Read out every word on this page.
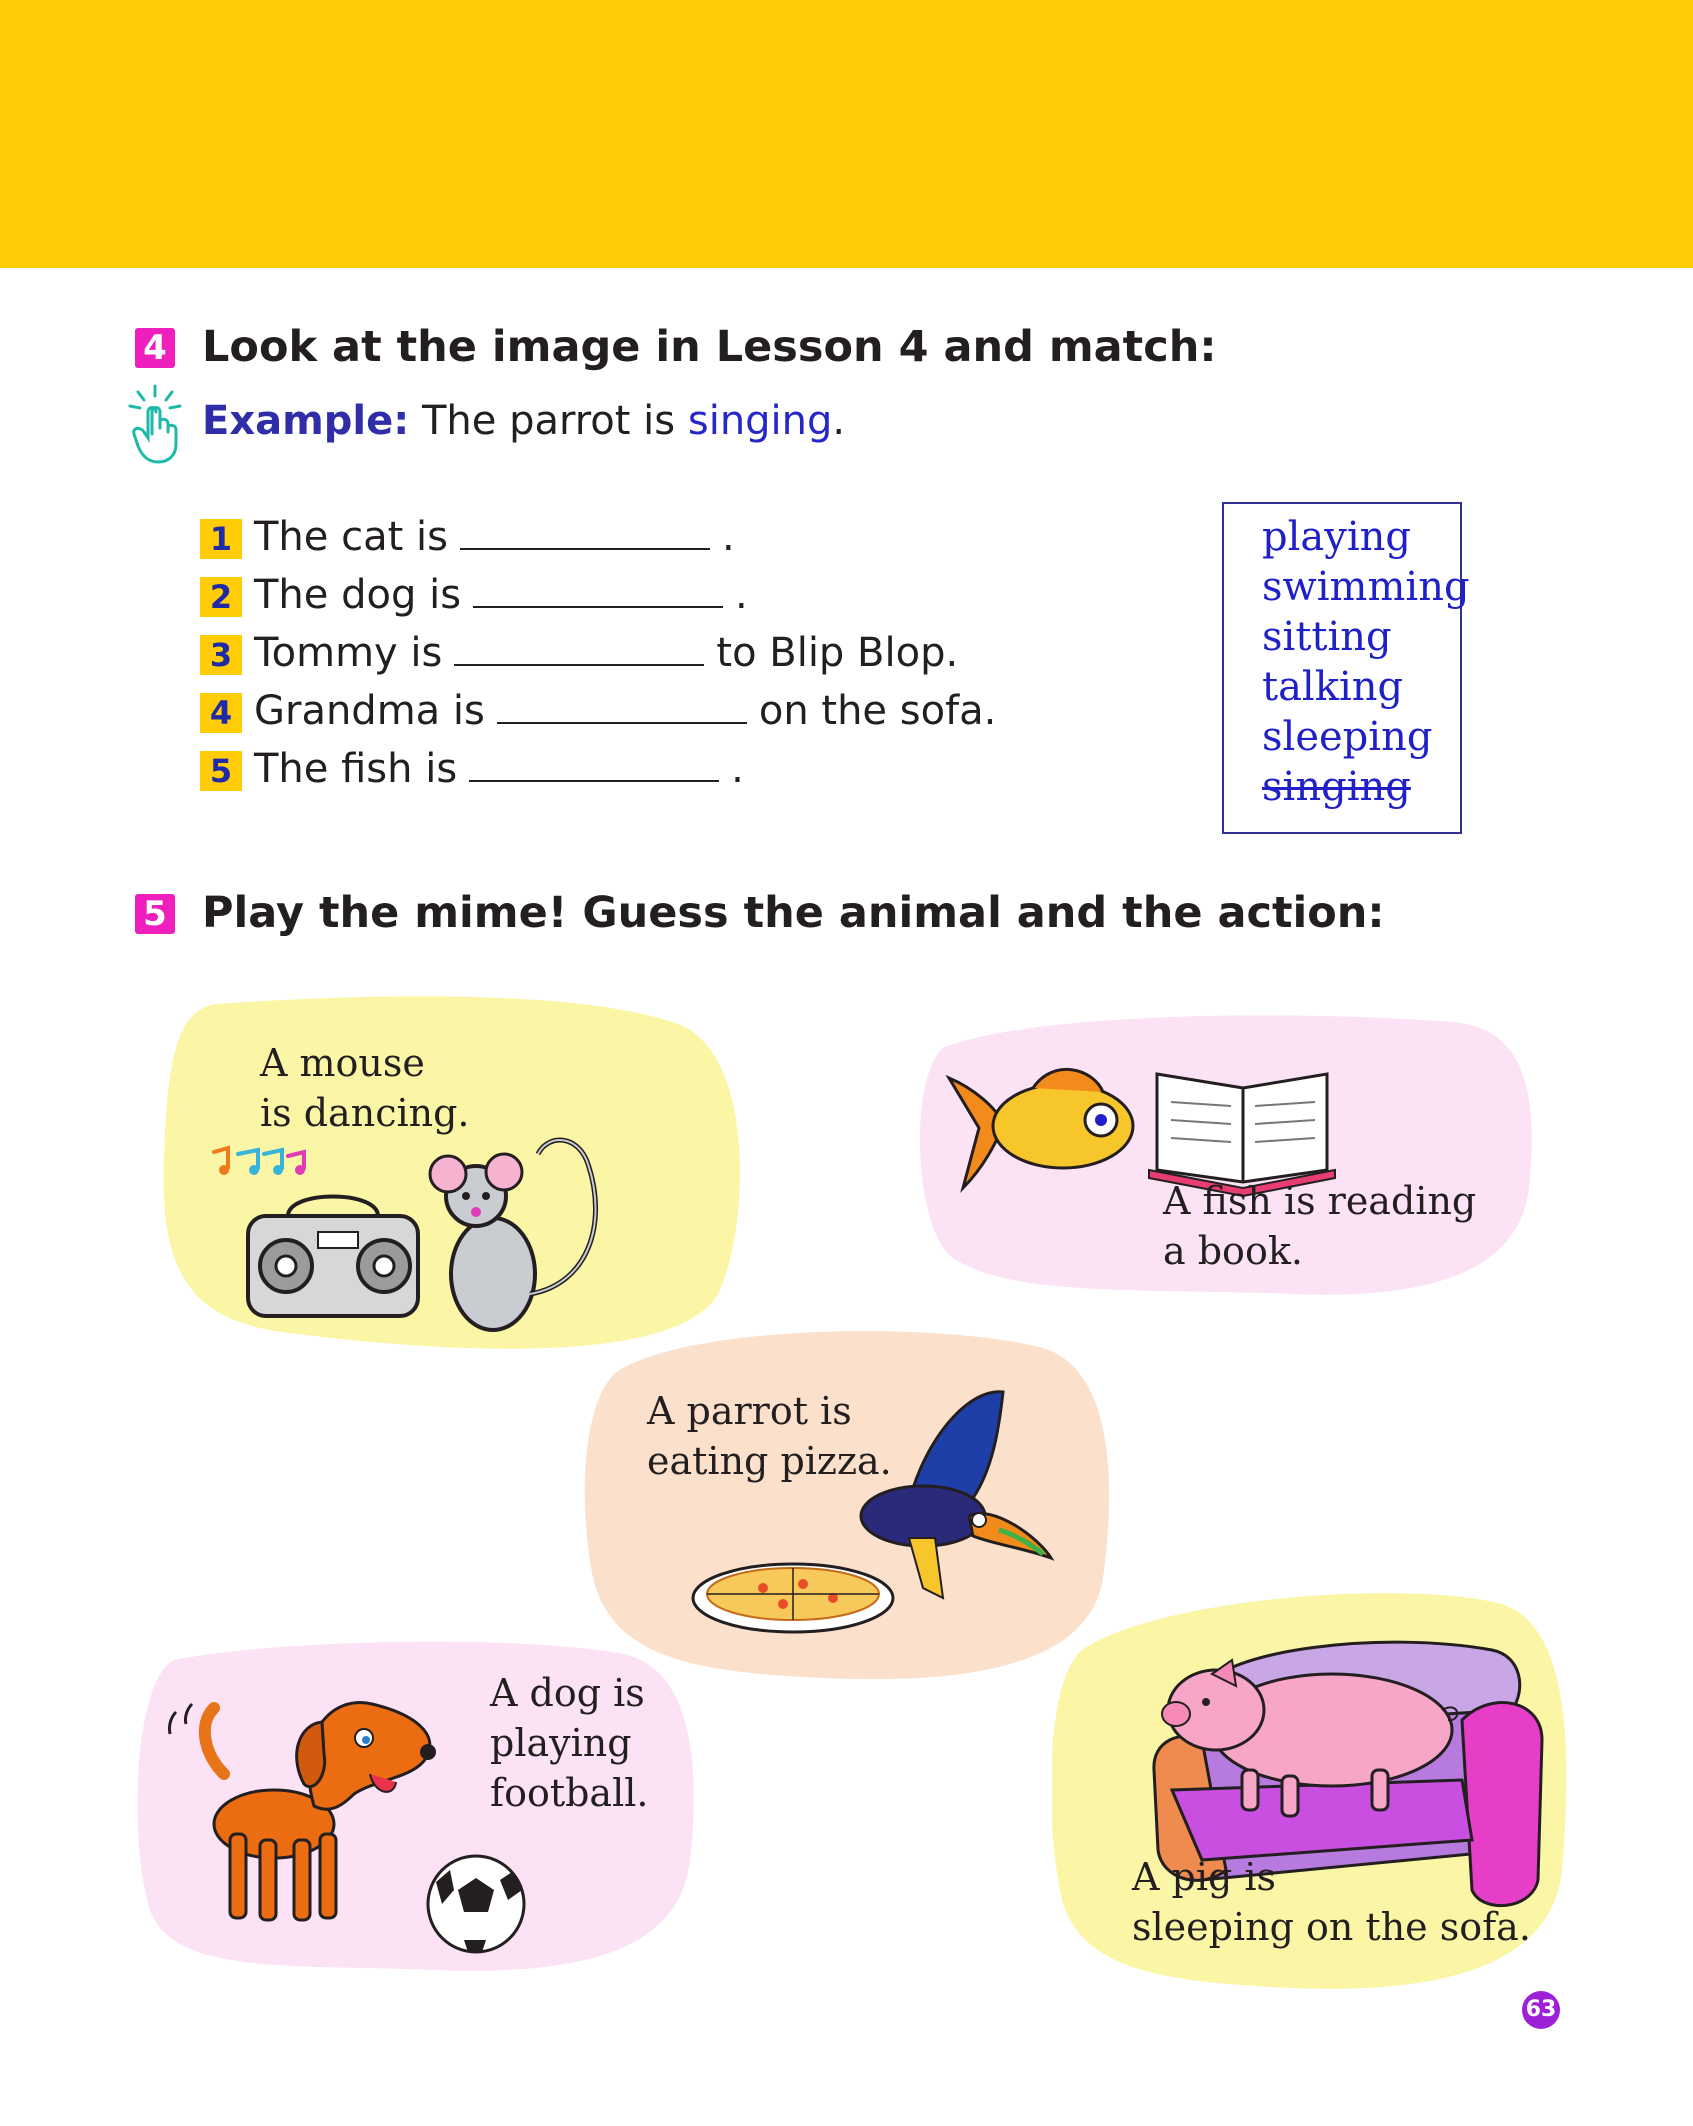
4 Look at the image in Lesson 4 and match:
Example: The parrot is singing.
1 The cat is	.
2 The dog is	.
3 Tommy is	to Blip Blop.
4 Grandma is	on the sofa.
5 The fish is	.
playing
swimming
sitting
talking
sleeping
singing
5 Play the mime! Guess the animal and the action:
A mouse
is dancing.
A fish is reading
a book.
A parrot is
eating pizza.
A dog is
playing
football.
A pig is
sleeping on the sofa.
63
